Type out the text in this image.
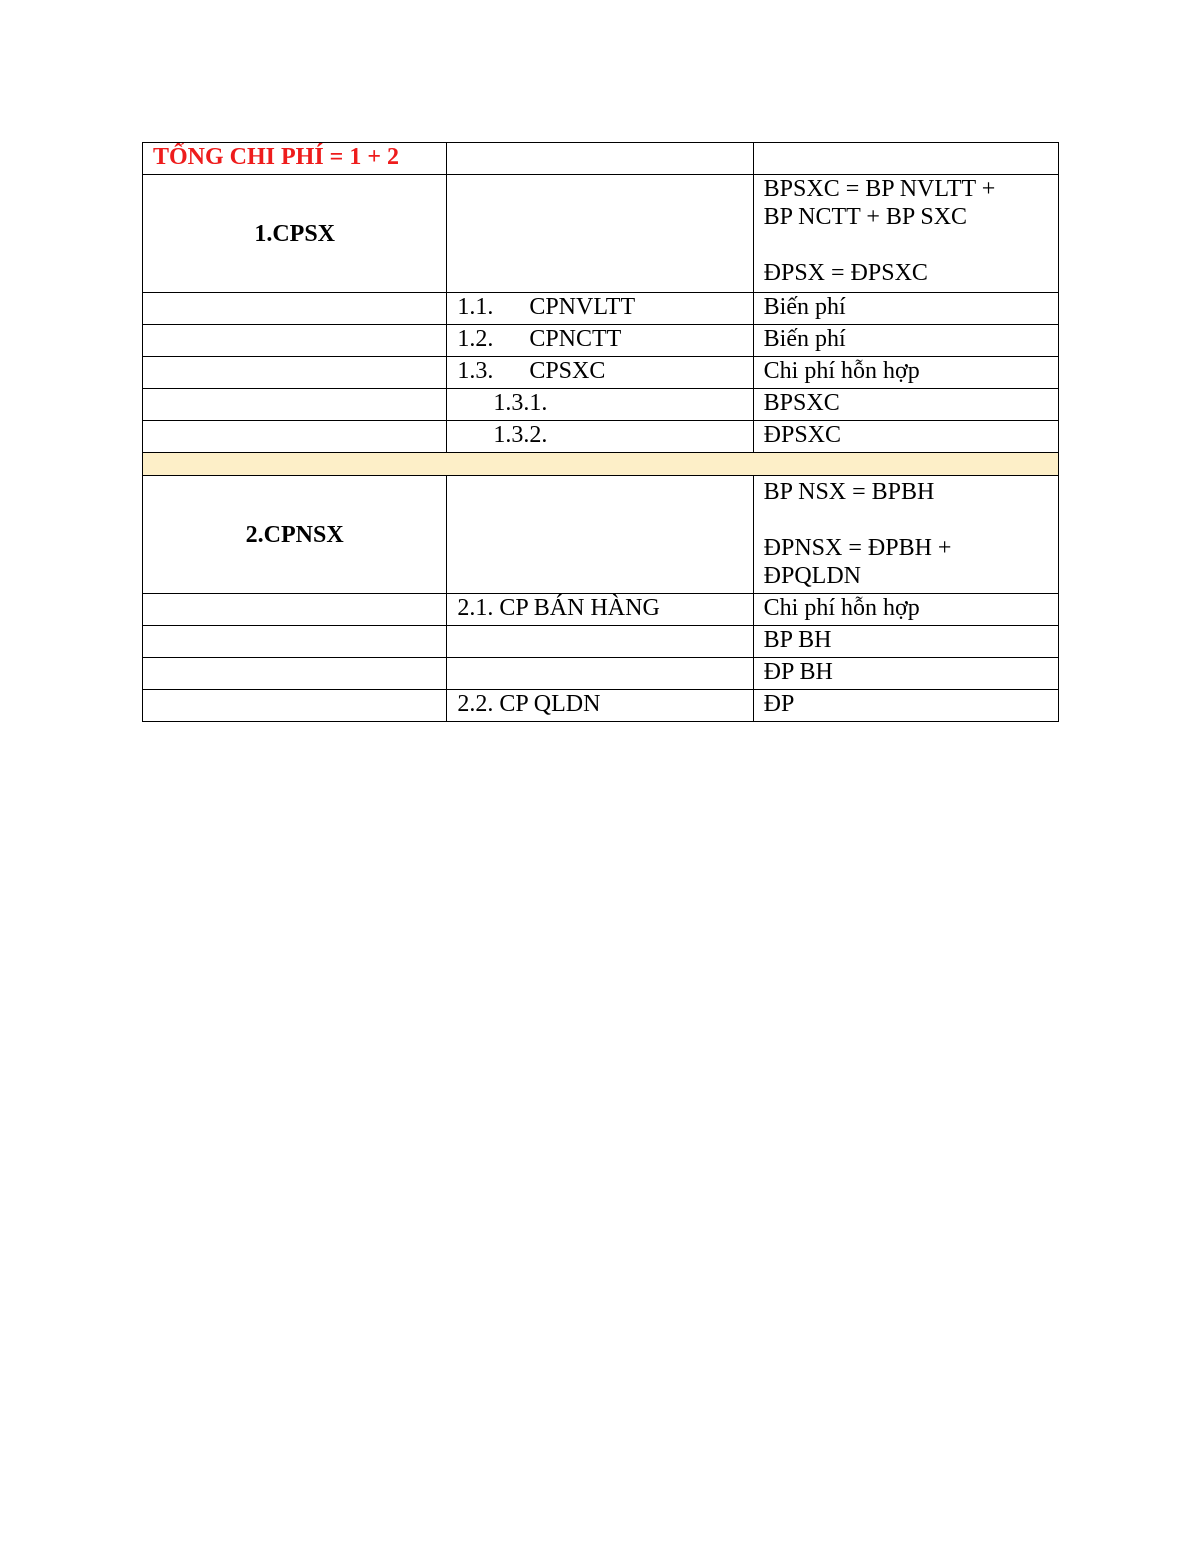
TỔNG CHI PHÍ = 1 + 2		
1.CPSX		BPSXC = BP NVLTT +
BP NCTT + BP SXC
ĐPSX = ĐPSXC

	1.1. CPNVLTT	Biến phí
	1.2. CPNCTT	Biến phí
	1.3. CPSXC	Chi phí hỗn hợp
	1.3.1.	BPSXC
	1.3.2.	ĐPSXC

2.CPNSX		BP NSX = BPBH
ĐPNSX = ĐPBH +
ĐPQLDN

	2.1. CP BÁN HÀNG	Chi phí hỗn hợp
		BP BH
		ĐP BH
	2.2. CP QLDN	ĐP
